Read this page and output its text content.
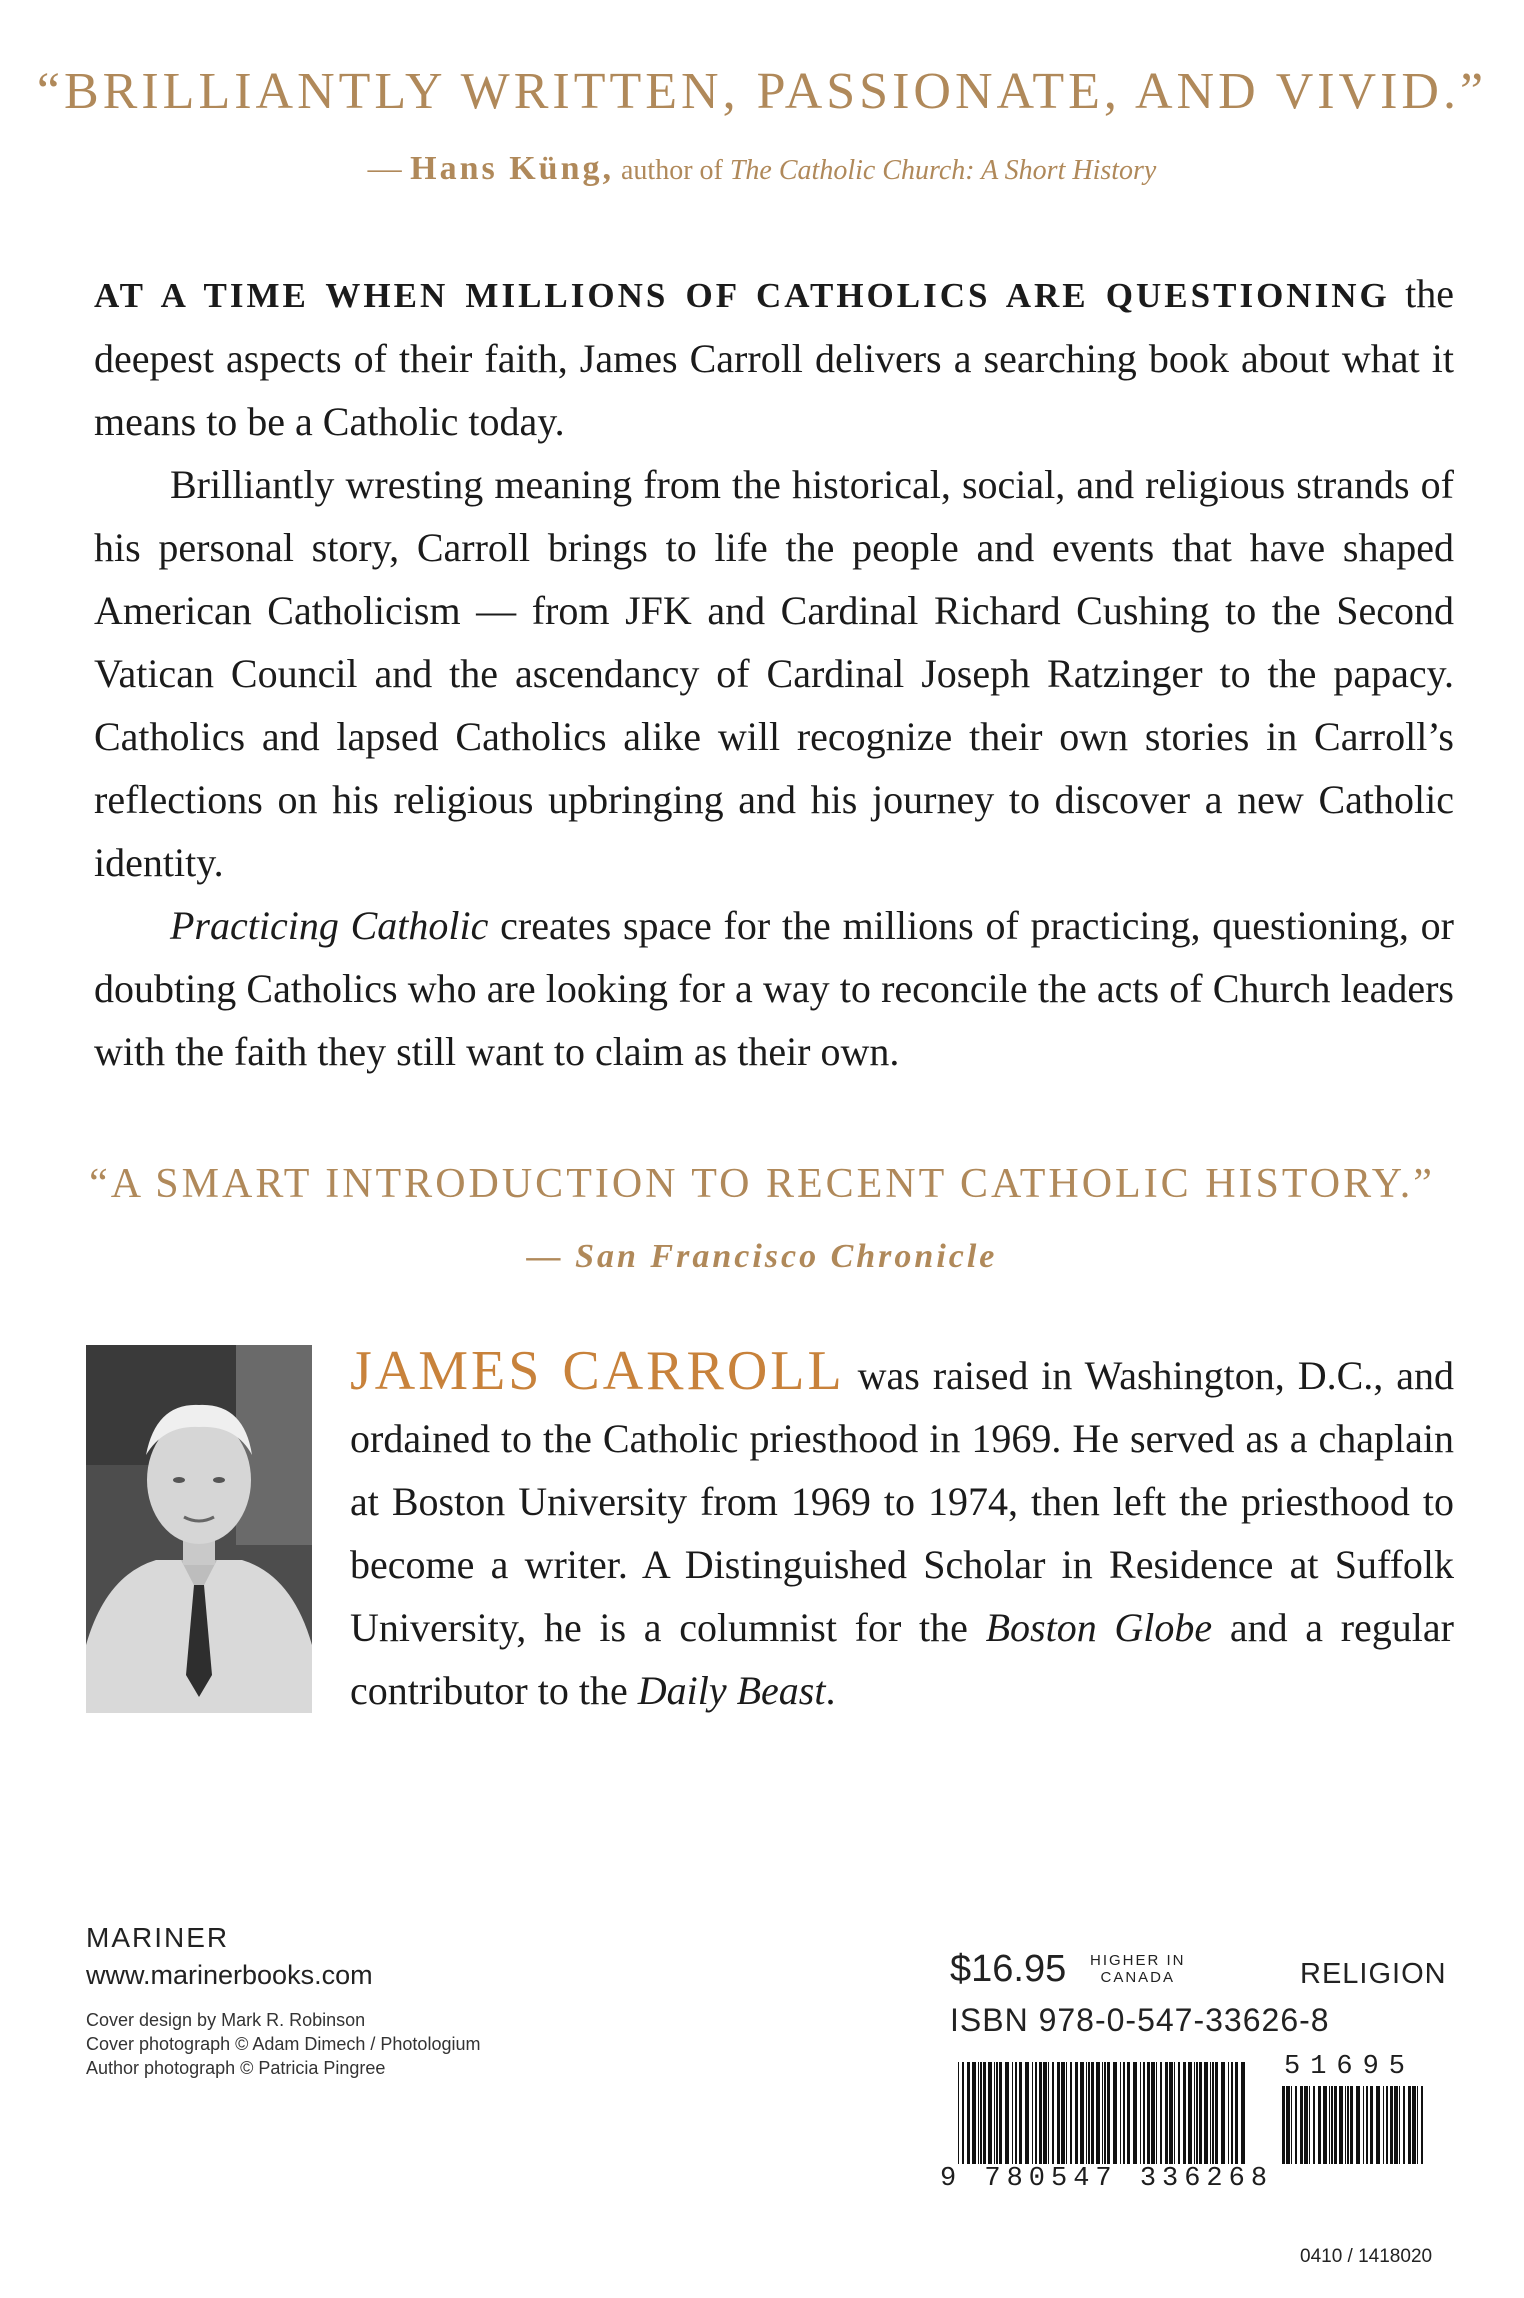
“BRILLIANTLY WRITTEN, PASSIONATE, AND VIVID.”
— Hans Küng, author of The Catholic Church: A Short History

AT A TIME WHEN MILLIONS OF CATHOLICS ARE QUESTIONING the deepest aspects of their faith, James Carroll delivers a searching book about what it means to be a Catholic today.

Brilliantly wresting meaning from the historical, social, and religious strands of his personal story, Carroll brings to life the people and events that have shaped American Catholicism — from JFK and Cardinal Richard Cushing to the Second Vatican Council and the ascendancy of Cardinal Joseph Ratzinger to the papacy. Catholics and lapsed Catholics alike will recognize their own stories in Carroll’s reflections on his religious upbringing and his journey to discover a new Catholic identity.

Practicing Catholic creates space for the millions of practicing, questioning, or doubting Catholics who are looking for a way to reconcile the acts of Church leaders with the faith they still want to claim as their own.

“A SMART INTRODUCTION TO RECENT CATHOLIC HISTORY.”
— San Francisco Chronicle
JAMES CARROLL was raised in Washington, D.C., and ordained to the Catholic priesthood in 1969. He served as a chaplain at Boston University from 1969 to 1974, then left the priesthood to become a writer. A Distinguished Scholar in Residence at Suffolk University, he is a columnist for the Boston Globe and a regular contributor to the Daily Beast.
MARINER
www.marinerbooks.com
Cover design by Mark R. Robinson
Cover photograph © Adam Dimech / Photologium
Author photograph © Patricia Pingree
$16.95 HIGHER IN
CANADA	RELIGION
ISBN 978-0-547-33626-8
9 780547 336268
51695
0410 / 1418020
